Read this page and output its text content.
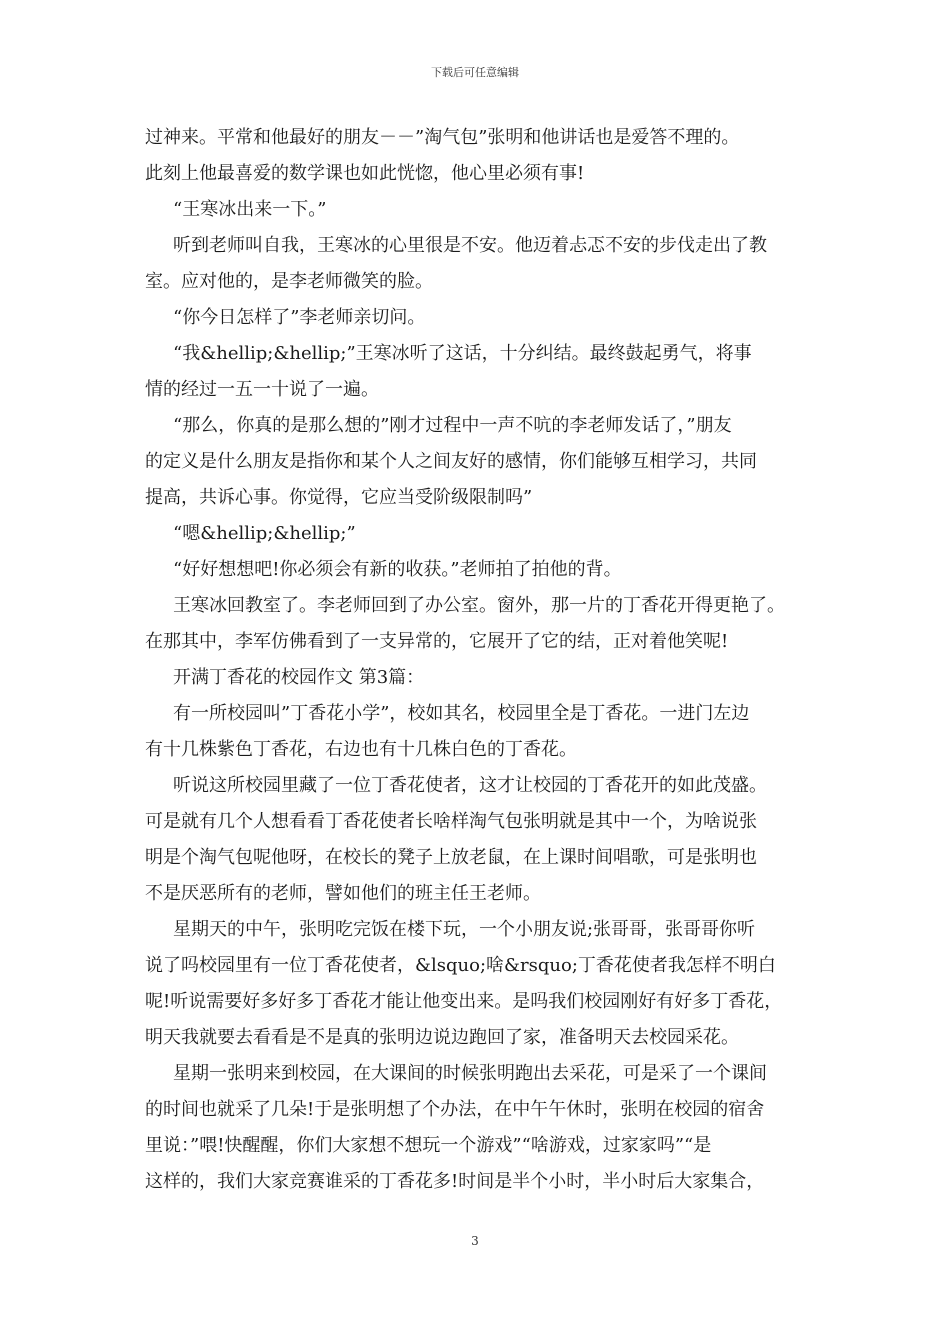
下载后可任意编辑
过神来。平常和他最好的朋友－－”淘气包”张明和他讲话也是爱答不理的。
此刻上他最喜爱的数学课也如此恍惚，他心里必须有事!
“王寒冰出来一下。”
听到老师叫自我，王寒冰的心里很是不安。他迈着忐忑不安的步伐走出了教
室。应对他的，是李老师微笑的脸。
“你今日怎样了”李老师亲切问。
“我&hellip;&hellip;”王寒冰听了这话，十分纠结。最终鼓起勇气，将事
情的经过一五一十说了一遍。
“那么，你真的是那么想的”刚才过程中一声不吭的李老师发话了，”朋友
的定义是什么朋友是指你和某个人之间友好的感情，你们能够互相学习，共同
提高，共诉心事。你觉得，它应当受阶级限制吗”
“嗯&hellip;&hellip;”
“好好想想吧!你必须会有新的收获。”老师拍了拍他的背。
王寒冰回教室了。李老师回到了办公室。窗外，那一片的丁香花开得更艳了。
在那其中，李军仿佛看到了一支异常的，它展开了它的结，正对着他笑呢!
开满丁香花的校园作文 第3篇：
有一所校园叫”丁香花小学”，校如其名，校园里全是丁香花。一进门左边
有十几株紫色丁香花，右边也有十几株白色的丁香花。
听说这所校园里藏了一位丁香花使者，这才让校园的丁香花开的如此茂盛。
可是就有几个人想看看丁香花使者长啥样淘气包张明就是其中一个，为啥说张
明是个淘气包呢他呀，在校长的凳子上放老鼠，在上课时间唱歌，可是张明也
不是厌恶所有的老师，譬如他们的班主任王老师。
星期天的中午，张明吃完饭在楼下玩，一个小朋友说;张哥哥，张哥哥你听
说了吗校园里有一位丁香花使者，&lsquo;啥&rsquo;丁香花使者我怎样不明白
呢!听说需要好多好多丁香花才能让他变出来。是吗我们校园刚好有好多丁香花，
明天我就要去看看是不是真的张明边说边跑回了家，准备明天去校园采花。
星期一张明来到校园，在大课间的时候张明跑出去采花，可是采了一个课间
的时间也就采了几朵!于是张明想了个办法，在中午午休时，张明在校园的宿舍
里说：”喂!快醒醒，你们大家想不想玩一个游戏”“啥游戏，过家家吗”“是
这样的，我们大家竞赛谁采的丁香花多!时间是半个小时，半小时后大家集合，
3
